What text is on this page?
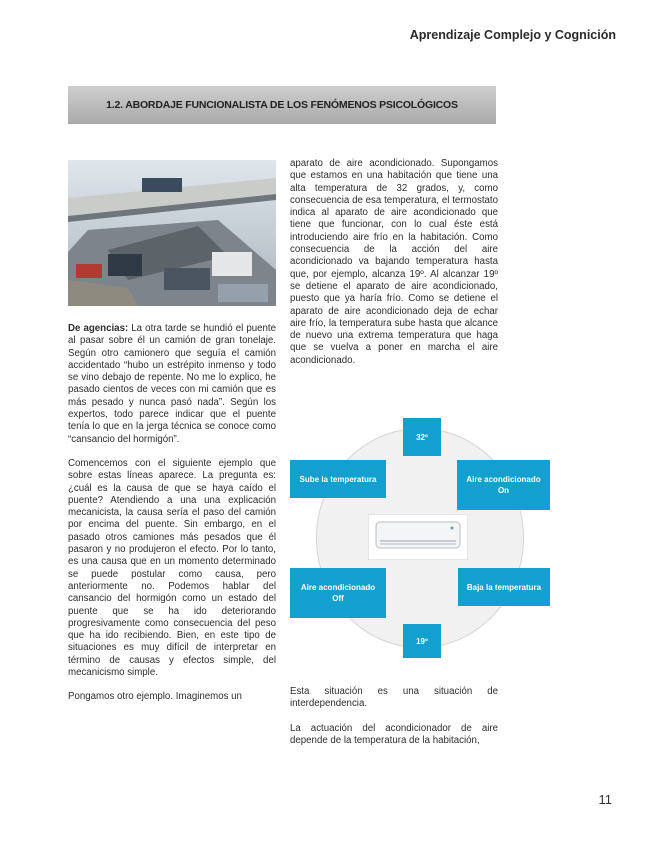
Aprendizaje Complejo y Cognición
1.2. ABORDAJE FUNCIONALISTA DE LOS FENÓMENOS PSICOLÓGICOS

De agencias: La otra tarde se hundió el puente al pasar sobre él un camión de gran tonelaje. Según otro camionero que seguía el camión accidentado “hubo un estrépito inmenso y todo se vino debajo de repente. No me lo explico, he pasado cientos de veces con mi camión que es más pesado y nunca pasó nada”. Según los expertos, todo parece indicar que el puente tenía lo que en la jerga técnica se conoce como “cansancio del hormigón”.

Comencemos con el siguiente ejemplo que sobre estas líneas aparece. La pregunta es: ¿cuál es la causa de que se haya caído el puente? Atendiendo a una una explicación mecanicista, la causa sería el paso del camión por encima del puente. Sin embargo, en el pasado otros camiones más pesados que él pasaron y no produjeron el efecto. Por lo tanto, es una causa que en un momento determinado se puede postular como causa, pero anteriormente no. Podemos hablar del cansancio del hormigón como un estado del puente que se ha ido deteriorando progresivamente como consecuencia del peso que ha ido recibiendo. Bien, en este tipo de situaciones es muy difícil de interpretar en término de causas y efectos simple, del mecanicismo simple.

Pongamos otro ejemplo. Imaginemos un

aparato de aire acondicionado. Supongamos que estamos en una habitación que tiene una alta temperatura de 32 grados, y, como consecuencia de esa temperatura, el termostato indica al aparato de aire acondicionado que tiene que funcionar, con lo cual éste está introduciendo aire frío en la habitación. Como consecuencia de la acción del aire acondicionado va bajando temperatura hasta que, por ejemplo, alcanza 19º. Al alcanzar 19º se detiene el aparato de aire acondicionado, puesto que ya haría frío. Como se detiene el aparato de aire acondicionado deja de echar aire frío, la temperatura sube hasta que alcance de nuevo una extrema temperatura que haga que se vuelva a poner en marcha el aire acondicionado.

32º
Sube la temperatura	Aire acondicionado
On
Aire acondicionado
Off
Baja la temperatura
19º

Esta situación es una situación de interdependencia.

La actuación del acondicionador de aire depende de la temperatura de la habitación,

11
